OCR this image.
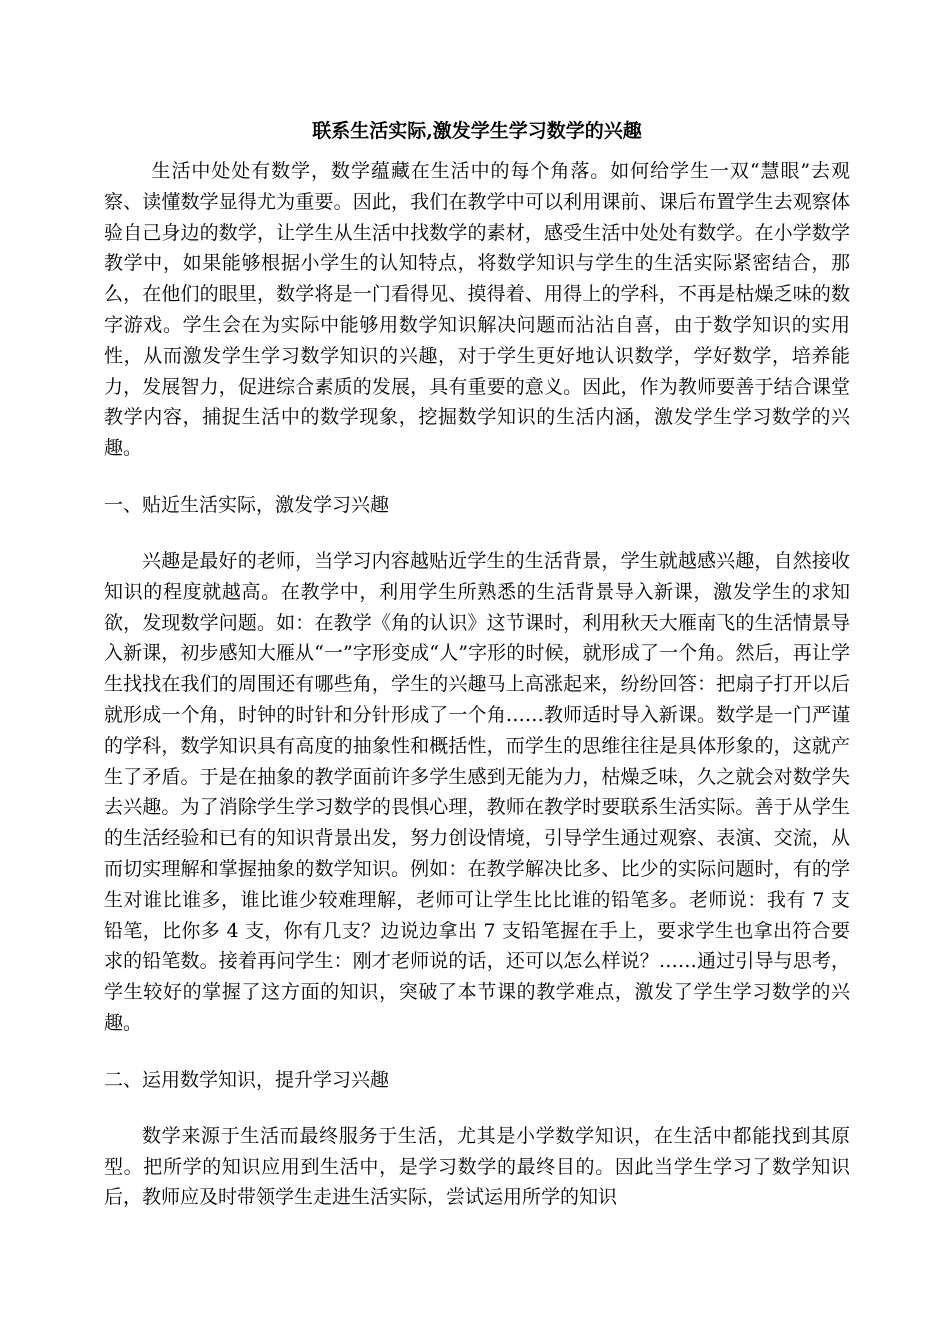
联系生活实际,激发学生学习数学的兴趣

生活中处处有数学，数学蕴藏在生活中的每个角落。如何给学生一双“慧眼”去观察、读懂数学显得尤为重要。因此，我们在教学中可以利用课前、课后布置学生去观察体验自己身边的数学，让学生从生活中找数学的素材，感受生活中处处有数学。在小学数学教学中，如果能够根据小学生的认知特点，将数学知识与学生的生活实际紧密结合，那么，在他们的眼里，数学将是一门看得见、摸得着、用得上的学科，不再是枯燥乏味的数字游戏。学生会在为实际中能够用数学知识解决问题而沾沾自喜，由于数学知识的实用性，从而激发学生学习数学知识的兴趣，对于学生更好地认识数学，学好数学，培养能力，发展智力，促进综合素质的发展，具有重要的意义。因此，作为教师要善于结合课堂教学内容，捕捉生活中的数学现象，挖掘数学知识的生活内涵，激发学生学习数学的兴趣。

一、贴近生活实际，激发学习兴趣

兴趣是最好的老师，当学习内容越贴近学生的生活背景，学生就越感兴趣，自然接收知识的程度就越高。在教学中，利用学生所熟悉的生活背景导入新课，激发学生的求知欲，发现数学问题。如：在教学《角的认识》这节课时，利用秋天大雁南飞的生活情景导入新课，初步感知大雁从“一”字形变成“人”字形的时候，就形成了一个角。然后，再让学生找找在我们的周围还有哪些角，学生的兴趣马上高涨起来，纷纷回答：把扇子打开以后就形成一个角，时钟的时针和分针形成了一个角……教师适时导入新课。数学是一门严谨的学科，数学知识具有高度的抽象性和概括性，而学生的思维往往是具体形象的，这就产生了矛盾。于是在抽象的教学面前许多学生感到无能为力，枯燥乏味，久之就会对数学失去兴趣。为了消除学生学习数学的畏惧心理，教师在教学时要联系生活实际。善于从学生的生活经验和已有的知识背景出发，努力创设情境，引导学生通过观察、表演、交流，从而切实理解和掌握抽象的数学知识。例如：在教学解决比多、比少的实际问题时，有的学生对谁比谁多，谁比谁少较难理解，老师可让学生比比谁的铅笔多。老师说：我有 7 支铅笔，比你多 4 支，你有几支？边说边拿出 7 支铅笔握在手上，要求学生也拿出符合要求的铅笔数。接着再问学生：刚才老师说的话，还可以怎么样说？……通过引导与思考，学生较好的掌握了这方面的知识，突破了本节课的教学难点，激发了学生学习数学的兴趣。

二、运用数学知识，提升学习兴趣

数学来源于生活而最终服务于生活，尤其是小学数学知识，在生活中都能找到其原型。把所学的知识应用到生活中，是学习数学的最终目的。因此当学生学习了数学知识后，教师应及时带领学生走进生活实际，尝试运用所学的知识
